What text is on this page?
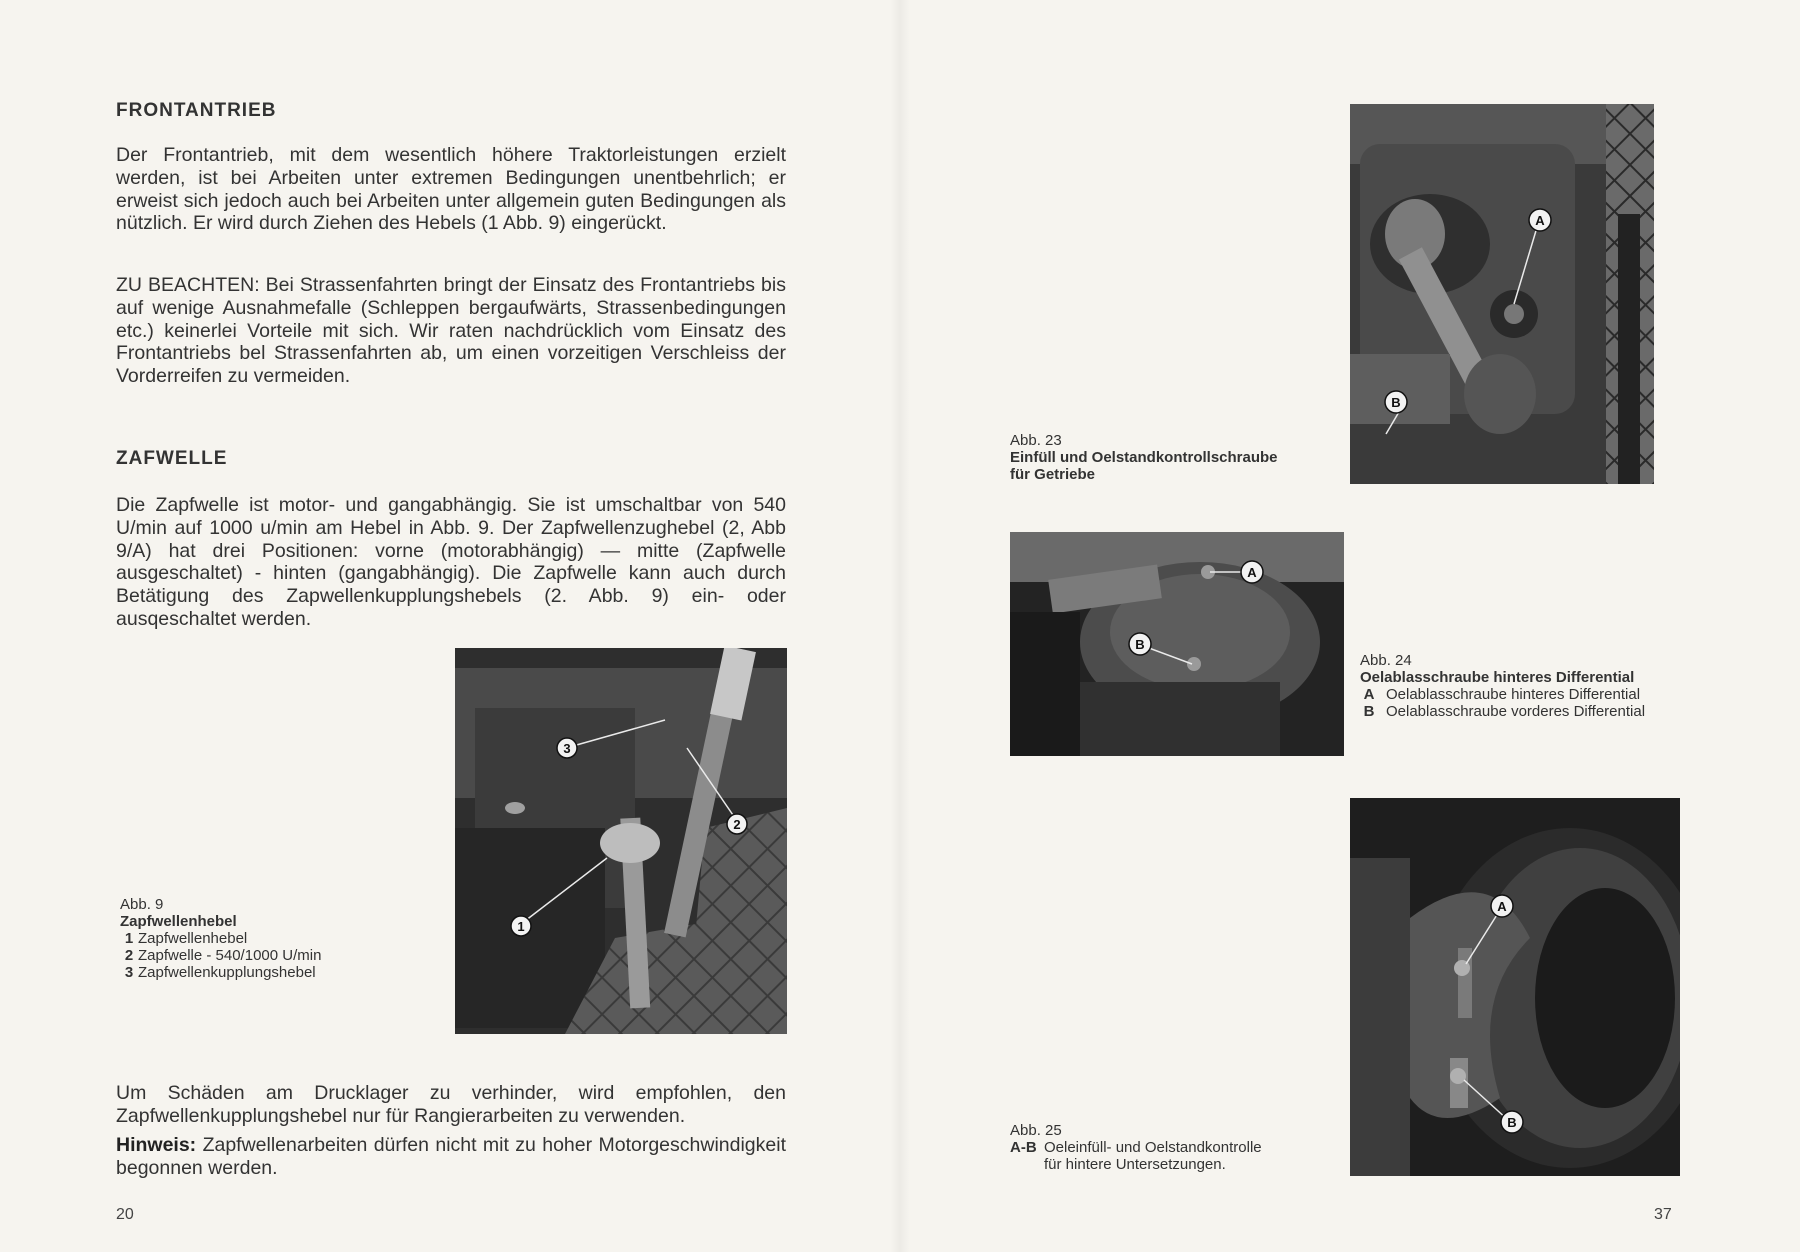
FRONTANTRIEB

Der Frontantrieb, mit dem wesentlich höhere Traktorleistungen erzielt werden, ist bei Arbeiten unter extremen Bedingungen unentbehrlich; er erweist sich jedoch auch bei Arbeiten unter allgemein guten Bedingungen als nützlich. Er wird durch Ziehen des Hebels (1 Abb. 9) eingerückt.

ZU BEACHTEN: Bei Strassenfahrten bringt der Einsatz des Frontantriebs bis auf wenige Ausnahmefalle (Schleppen bergaufwärts, Strassenbedingungen etc.) keinerlei Vorteile mit sich. Wir raten nachdrücklich vom Einsatz des Frontantriebs bel Strassenfahrten ab, um einen vorzeitigen Verschleiss der Vorderreifen zu vermeiden.

ZAFWELLE

Die Zapfwelle ist motor- und gangabhängig. Sie ist umschaltbar von 540 U/min auf 1000 u/min am Hebel in Abb. 9. Der Zapfwellenzughebel (2, Abb 9/A) hat drei Positionen: vorne (motorabhängig) — mitte (Zapfwelle ausgeschaltet) - hinten (gangabhängig). Die Zapfwelle kann auch durch Betätigung des Zapwellenkupplungshebels (2. Abb. 9) ein- oder ausqeschaltet werden.

Abb. 9
Zapfwellenhebel
1 Zapfwellenhebel
2 Zapfwelle - 540/1000 U/min
3 Zapfwellenkupplungshebel
3
2
1

Um Schäden am Drucklager zu verhinder, wird empfohlen, den Zapfwellenkupplungshebel nur für Rangierarbeiten zu verwenden.

Hinweis: Zapfwellenarbeiten dürfen nicht mit zu hoher Motorgeschwindigkeit begonnen werden.

20
A
B
Abb. 23
Einfüll und Oelstandkontrollschraube
für Getriebe
A
B
Abb. 24
Oelablasschraube hinteres Differential
A Oelablasschraube hinteres Differential
B Oelablasschraube vorderes Differential
A
B
Abb. 25
A-B Oeleinfüll- und Oelstandkontrolle
für hintere Untersetzungen.
37
